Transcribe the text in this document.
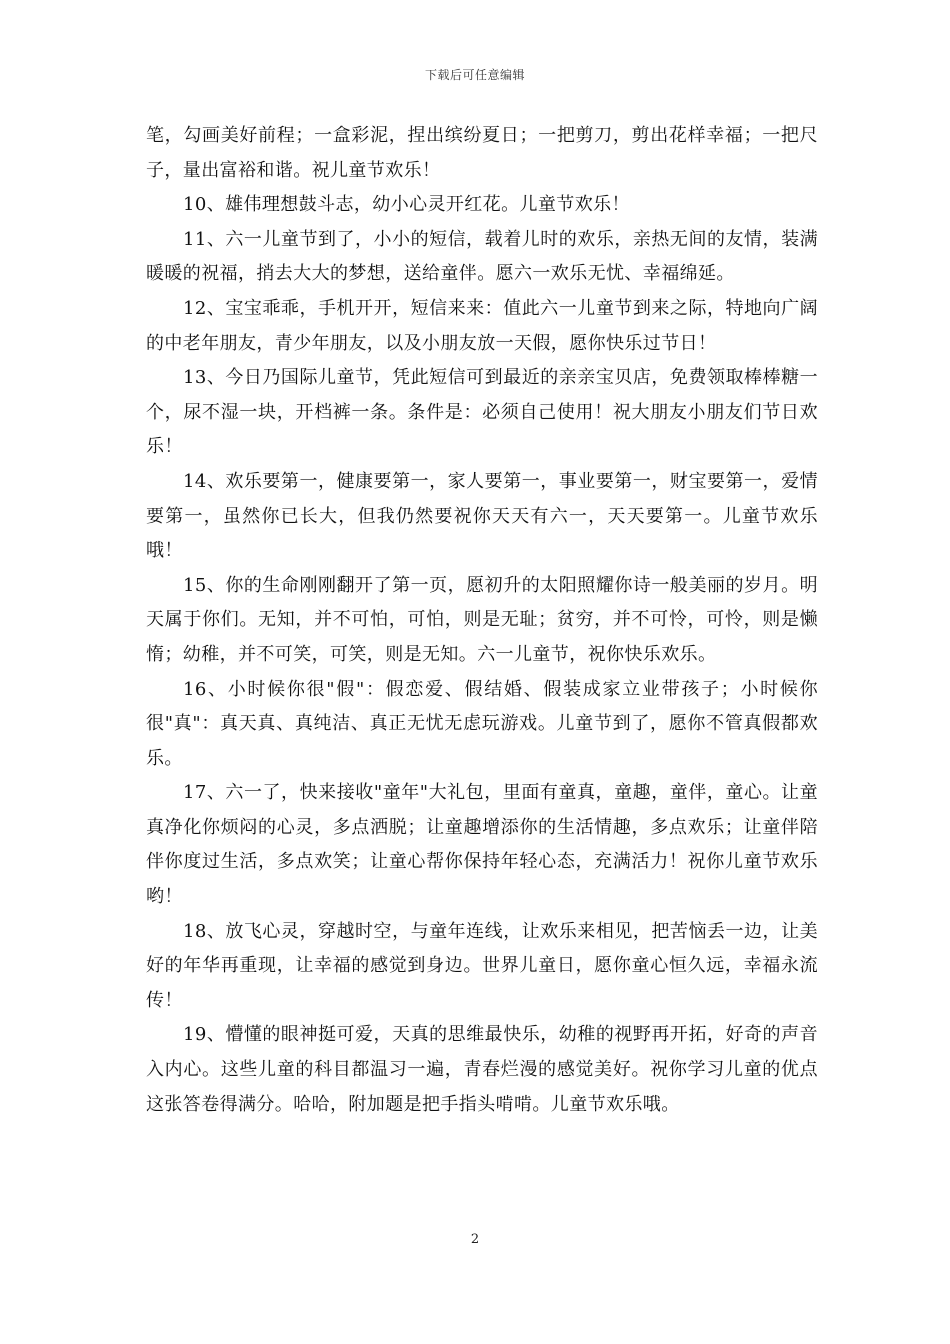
下载后可任意编辑

笔，勾画美好前程；一盒彩泥，捏出缤纷夏日；一把剪刀，剪出花样幸福；一把尺子，量出富裕和谐。祝儿童节欢乐！

10、雄伟理想鼓斗志，幼小心灵开红花。儿童节欢乐！

11、六一儿童节到了，小小的短信，载着儿时的欢乐，亲热无间的友情，装满暖暖的祝福，捎去大大的梦想，送给童伴。愿六一欢乐无忧、幸福绵延。

12、宝宝乖乖，手机开开，短信来来：值此六一儿童节到来之际，特地向广阔的中老年朋友，青少年朋友，以及小朋友放一天假，愿你快乐过节日！

13、今日乃国际儿童节，凭此短信可到最近的亲亲宝贝店，免费领取棒棒糖一个，尿不湿一块，开档裤一条。条件是：必须自己使用！祝大朋友小朋友们节日欢乐！

14、欢乐要第一，健康要第一，家人要第一，事业要第一，财宝要第一，爱情要第一，虽然你已长大，但我仍然要祝你天天有六一，天天要第一。儿童节欢乐哦！

15、你的生命刚刚翻开了第一页，愿初升的太阳照耀你诗一般美丽的岁月。明天属于你们。无知，并不可怕，可怕，则是无耻；贫穷，并不可怜，可怜，则是懒惰；幼稚，并不可笑，可笑，则是无知。六一儿童节，祝你快乐欢乐。

16、小时候你很"假"：假恋爱、假结婚、假装成家立业带孩子；小时候你很"真"：真天真、真纯洁、真正无忧无虑玩游戏。儿童节到了，愿你不管真假都欢乐。

17、六一了，快来接收"童年"大礼包，里面有童真，童趣，童伴，童心。让童真净化你烦闷的心灵，多点洒脱；让童趣增添你的生活情趣，多点欢乐；让童伴陪伴你度过生活，多点欢笑；让童心帮你保持年轻心态，充满活力！祝你儿童节欢乐哟！

18、放飞心灵，穿越时空，与童年连线，让欢乐来相见，把苦恼丢一边，让美好的年华再重现，让幸福的感觉到身边。世界儿童日，愿你童心恒久远，幸福永流传！

19、懵懂的眼神挺可爱，天真的思维最快乐，幼稚的视野再开拓，好奇的声音入内心。这些儿童的科目都温习一遍，青春烂漫的感觉美好。祝你学习儿童的优点这张答卷得满分。哈哈，附加题是把手指头啃啃。儿童节欢乐哦。

2
